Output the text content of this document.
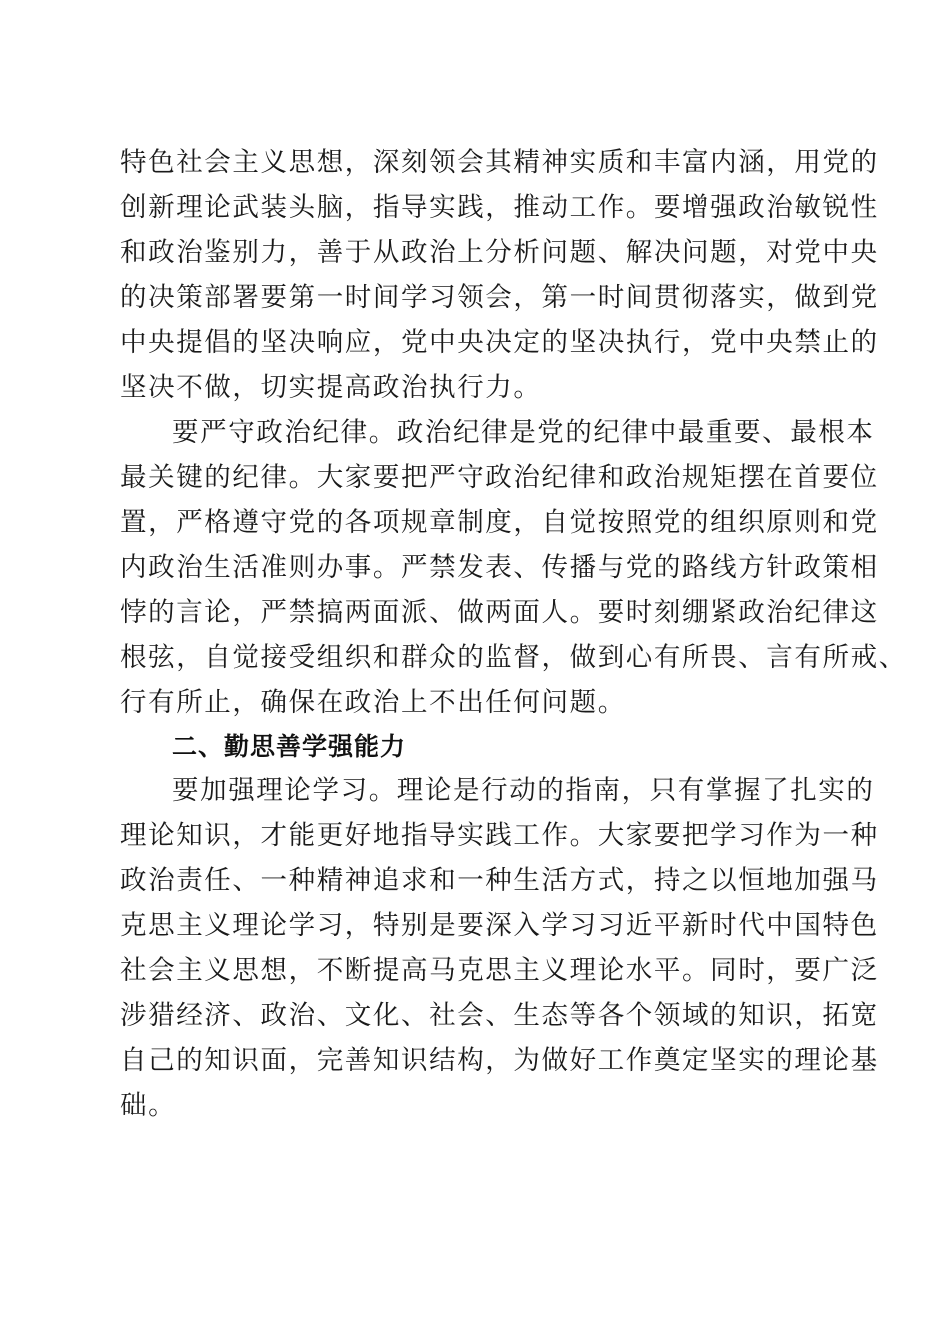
特色社会主义思想，深刻领会其精神实质和丰富内涵，用党的
创新理论武装头脑，指导实践，推动工作。要增强政治敏锐性
和政治鉴别力，善于从政治上分析问题、解决问题，对党中央
的决策部署要第一时间学习领会，第一时间贯彻落实，做到党
中央提倡的坚决响应，党中央决定的坚决执行，党中央禁止的
坚决不做，切实提高政治执行力。
要严守政治纪律。政治纪律是党的纪律中最重要、最根本
最关键的纪律。大家要把严守政治纪律和政治规矩摆在首要位
置，严格遵守党的各项规章制度，自觉按照党的组织原则和党
内政治生活准则办事。严禁发表、传播与党的路线方针政策相
悖的言论，严禁搞两面派、做两面人。要时刻绷紧政治纪律这
根弦，自觉接受组织和群众的监督，做到心有所畏、言有所戒、
行有所止，确保在政治上不出任何问题。
二、勤思善学强能力
要加强理论学习。理论是行动的指南，只有掌握了扎实的
理论知识，才能更好地指导实践工作。大家要把学习作为一种
政治责任、一种精神追求和一种生活方式，持之以恒地加强马
克思主义理论学习，特别是要深入学习习近平新时代中国特色
社会主义思想，不断提高马克思主义理论水平。同时，要广泛
涉猎经济、政治、文化、社会、生态等各个领域的知识，拓宽
自己的知识面，完善知识结构，为做好工作奠定坚实的理论基
础。
